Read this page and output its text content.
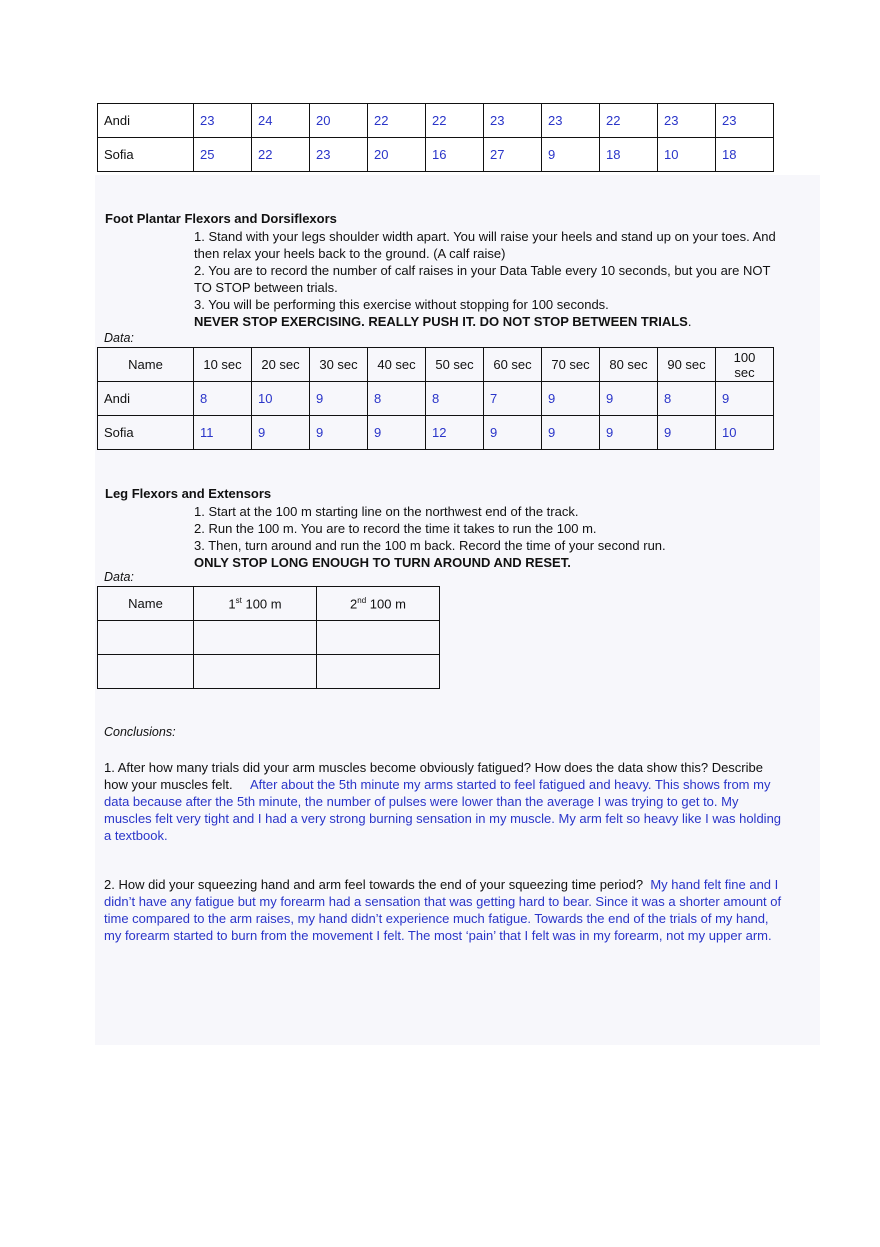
Andi	23	24	20	22	22	23	23	22	23	23
Sofia	25	22	23	20	16	27	9	18	10	18
Foot Plantar Flexors and Dorsiflexors
1. Stand with your legs shoulder width apart. You will raise your heels and stand up on your toes. And then relax your heels back to the ground. (A calf raise)
2. You are to record the number of calf raises in your Data Table every 10 seconds, but you are NOT TO STOP between trials.
3. You will be performing this exercise without stopping for 100 seconds.
NEVER STOP EXERCISING. REALLY PUSH IT. DO NOT STOP BETWEEN TRIALS.
Data:
Name	10 sec	20 sec	30 sec	40 sec	50 sec	60 sec	70 sec	80 sec	90 sec	100 sec
Andi	8	10	9	8	8	7	9	9	8	9
Sofia	11	9	9	9	12	9	9	9	9	10
Leg Flexors and Extensors
1. Start at the 100 m starting line on the northwest end of the track.
2. Run the 100 m. You are to record the time it takes to run the 100 m.
3. Then, turn around and run the 100 m back. Record the time of your second run.
ONLY STOP LONG ENOUGH TO TURN AROUND AND RESET.
Data:
Name	1st 100 m	2nd 100 m

Conclusions:
1. After how many trials did your arm muscles become obviously fatigued? How does the data show this? Describe how your muscles felt. After about the 5th minute my arms started to feel fatigued and heavy. This shows from my data because after the 5th minute, the number of pulses were lower than the average I was trying to get to. My muscles felt very tight and I had a very strong burning sensation in my muscle. My arm felt so heavy like I was holding a textbook.
2. How did your squeezing hand and arm feel towards the end of your squeezing time period? My hand felt fine and I didn’t have any fatigue but my forearm had a sensation that was getting hard to bear. Since it was a shorter amount of time compared to the arm raises, my hand didn’t experience much fatigue. Towards the end of the trials of my hand, my forearm started to burn from the movement I felt. The most ‘pain’ that I felt was in my forearm, not my upper arm.
